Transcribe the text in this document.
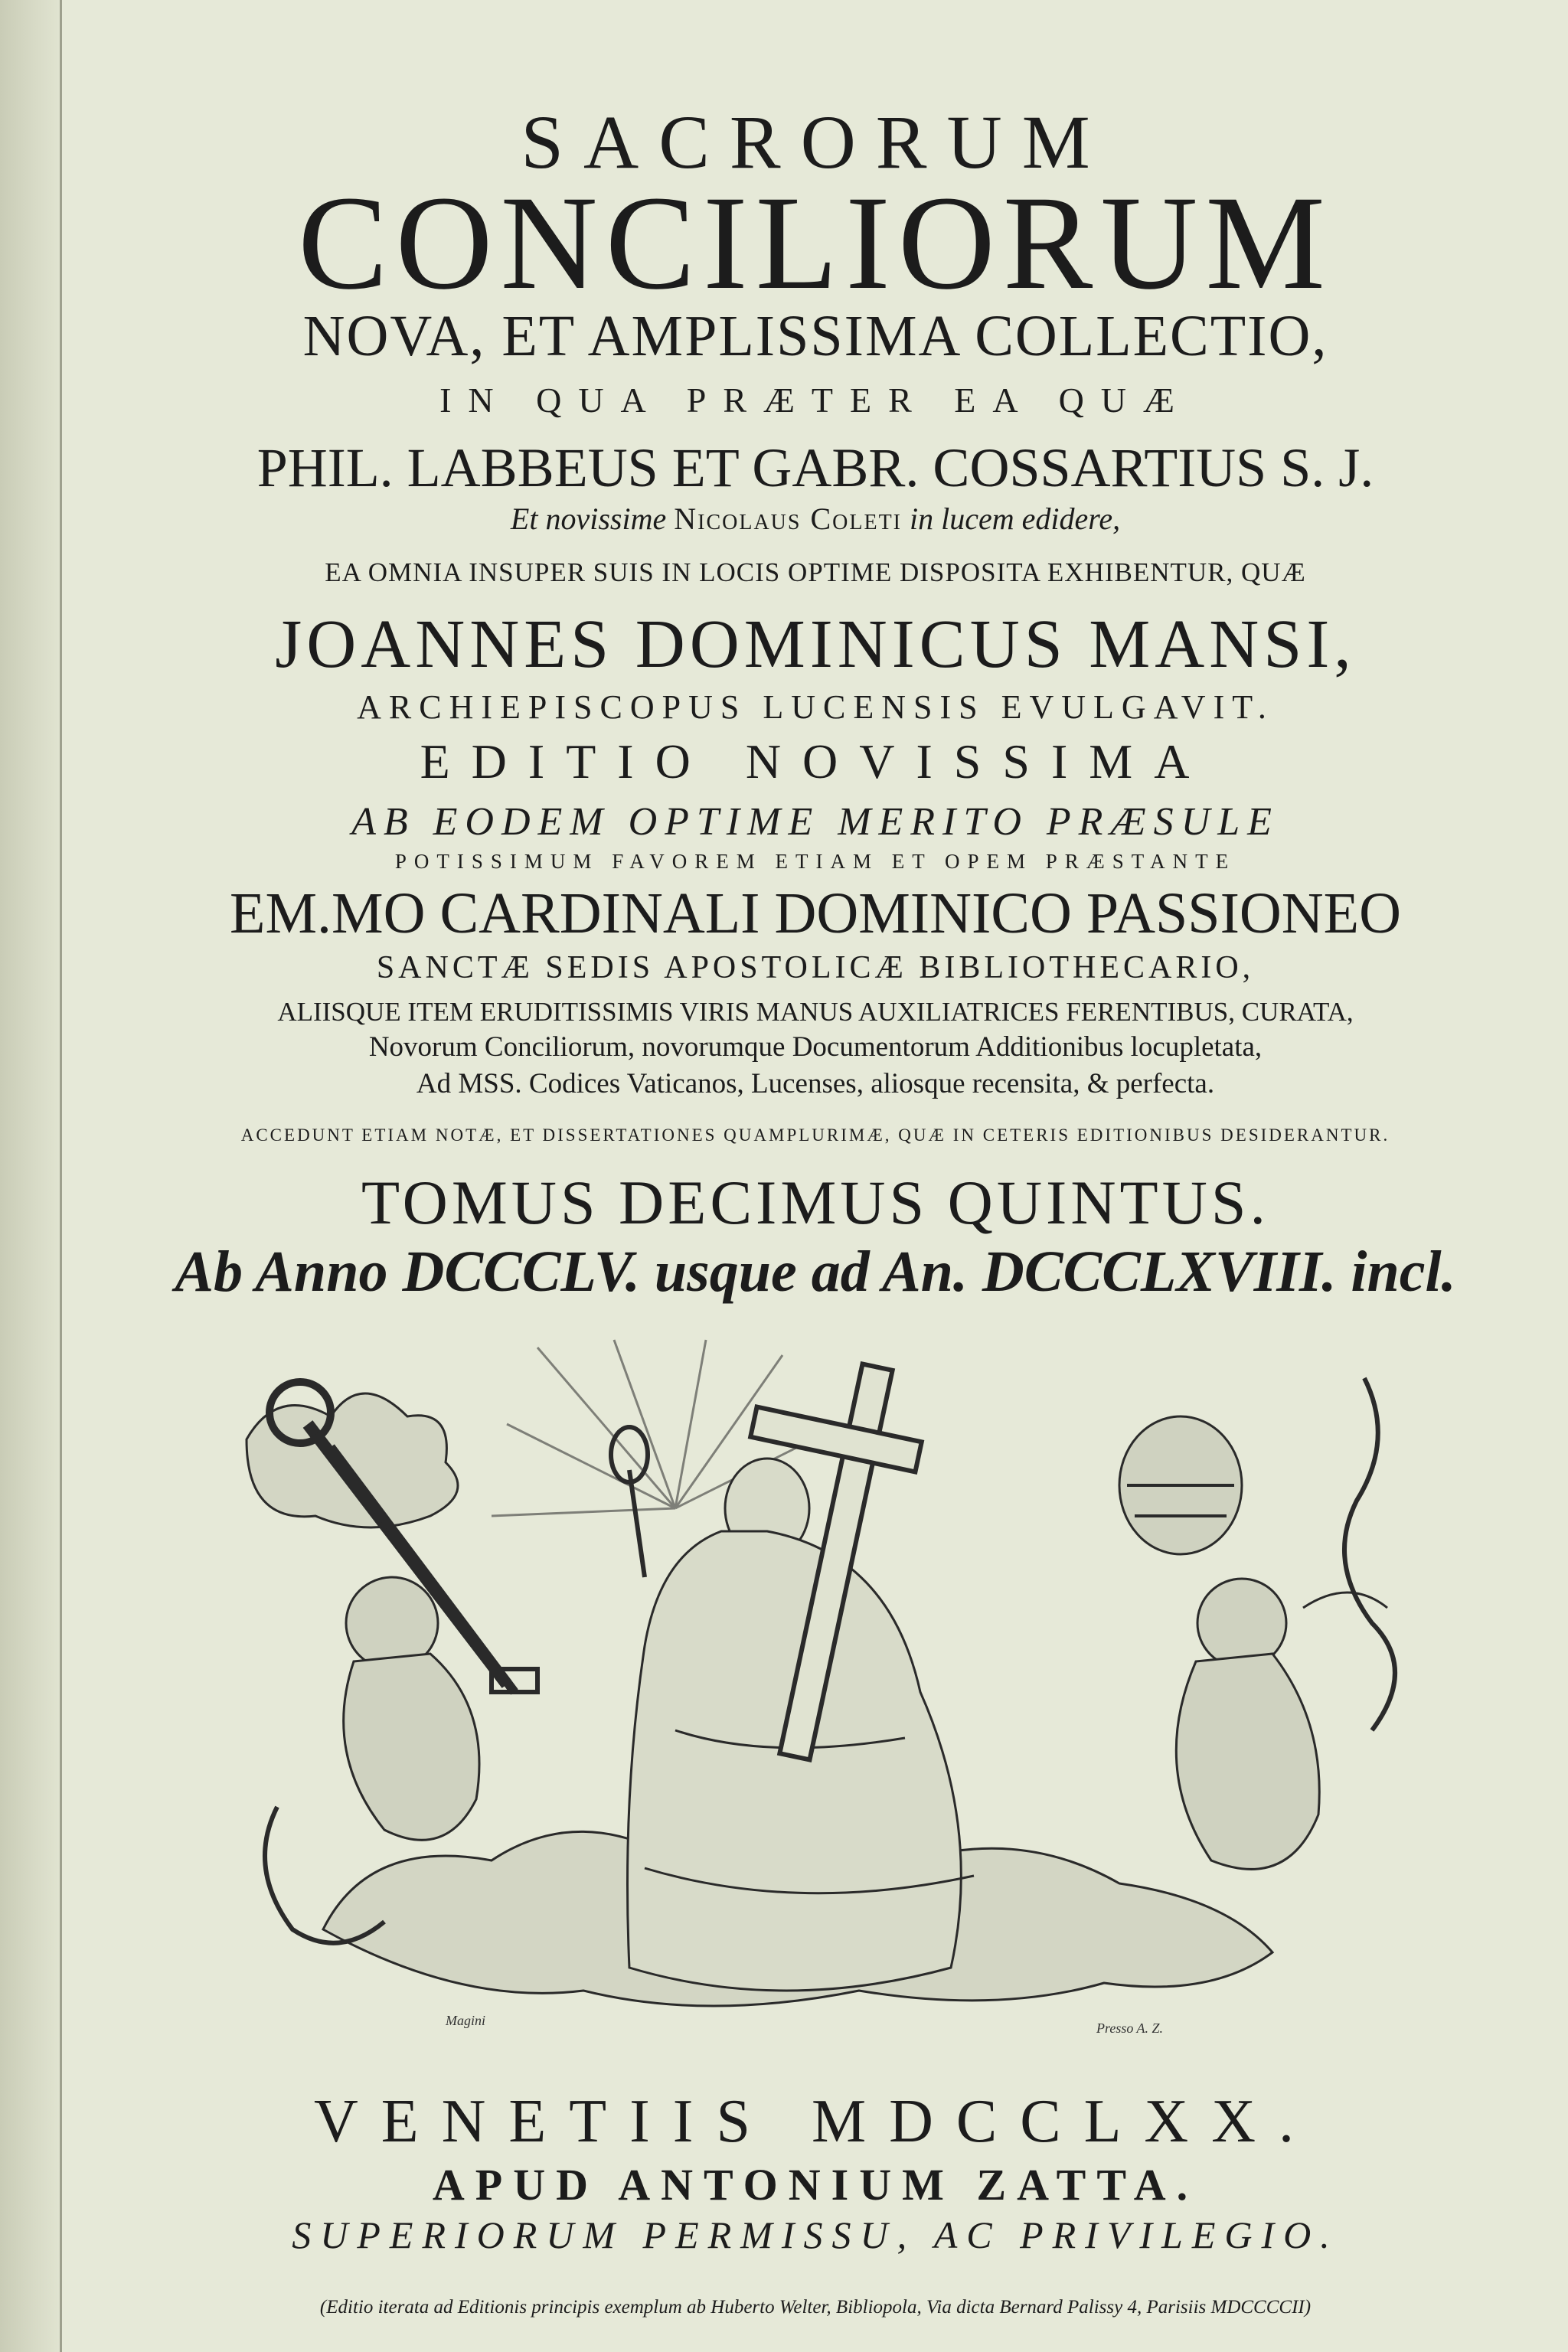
SACRORUM
CONCILIORUM
NOVA, ET AMPLISSIMA COLLECTIO,
IN QUA PRÆTER EA QUÆ
PHIL. LABBEUS ET GABR. COSSARTIUS S. J.
Et novissime Nicolaus Coleti in lucem edidere,
EA OMNIA INSUPER SUIS IN LOCIS OPTIME DISPOSITA EXHIBENTUR, QUÆ
JOANNES DOMINICUS MANSI,
ARCHIEPISCOPUS LUCENSIS EVULGAVIT.
EDITIO NOVISSIMA
AB EODEM OPTIME MERITO PRÆSULE
POTISSIMUM FAVOREM ETIAM ET OPEM PRÆSTANTE
EM.MO CARDINALI DOMINICO PASSIONEO
SANCTÆ SEDIS APOSTOLICÆ BIBLIOTHECARIO,
ALIISQUE ITEM ERUDITISSIMIS VIRIS MANUS AUXILIATRICES FERENTIBUS, CURATA,
Novorum Conciliorum, novorumque Documentorum Additionibus locupletata,
Ad MSS. Codices Vaticanos, Lucenses, aliosque recensita, & perfecta.
ACCEDUNT ETIAM NOTÆ, ET DISSERTATIONES QUAMPLURIMÆ, QUÆ IN CETERIS EDITIONIBUS DESIDERANTUR.
TOMUS DECIMUS QUINTUS.
Ab Anno DCCCLV. usque ad An. DCCCLXVIII. incl.
Magini	Presso A. Z.
VENETIIS MDCCLXX.
APUD ANTONIUM ZATTA.
SUPERIORUM PERMISSU, AC PRIVILEGIO.
(Editio iterata ad Editionis principis exemplum ab Huberto Welter, Bibliopola, Via dicta Bernard Palissy 4, Parisiis MDCCCCII)
